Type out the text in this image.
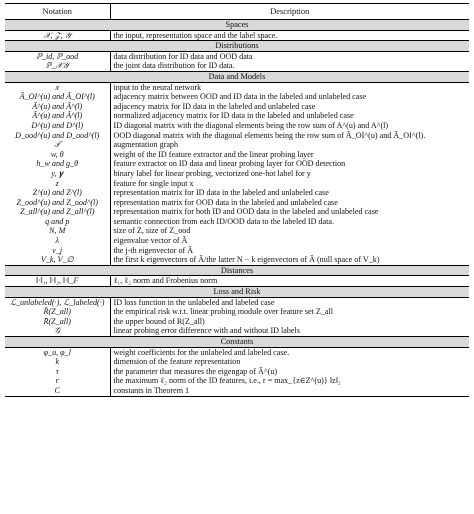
Notation	Description
Spaces	
𝒳, 𝒵, 𝒴	the input, representation space and the label space.
Distributions	
ℙ_id, ℙ_ood	data distribution for ID data and OOD data
ℙ_𝒳𝒴	the joint data distribution for ID data.
Data and Models	
x	input to the neural network
Ã_OI^(u) and Ã_OI^(l)	adjacency matrix between OOD and ID data in the labeled and unlabeled case
Ā^(u) and Ā^(l)	adjacency matrix for ID data in the labeled and unlabeled case
Ã^(u) and Ã^(l)	normalized adjacency matrix for ID data in the labeled and unlabeled case
D^(u) and D^(l)	ID diagonal matrix with the diagonal elements being the row sum of A^(u) and A^(l)
D_ood^(u) and D_ood^(l)	OOD diagonal matrix with the diagonal elements being the row sum of Ã_OI^(u) and Ã_OI^(l).
𝒯	augmentation graph
w, θ	weight of the ID feature extractor and the linear probing layer
h_w and g_θ	feature extractor on ID data and linear probing layer for OOD detection
y, 𝐲	binary label for linear probing, vectorized one-hot label for y
z	feature for single input x
Z^(u) and Z^(l)	representation matrix for ID data in the labeled and unlabeled case
Z_ood^(u) and Z_ood^(l)	representation matrix for OOD data in the labeled and unlabeled case
Z_all^(u) and Z_all^(l)	representation matrix for both ID and OOD data in the labeled and unlabeled case
q and p	semantic connection from each ID/OOD data to the labeled ID data.
N, M	size of Z, size of Z_ood
λ	eigenvalue vector of Ã
v_j	the j-th eigenvector of Ã
V_k, V_∅	the first k eigenvectors of Ã/the latter N − k eigenvectors of Ã (null space of V_k)
Distances	
‖·‖₁, ‖·‖₂, ‖·‖_F	ℓ₁, ℓ₂ norm and Frobenius norm
Loss and Risk	
ℒ_unlabeled(·), ℒ_labeled(·)	ID loss function in the unlabeled and labeled case
R̂(Z_all)	the empirical risk w.r.t. linear probing module over feature set Z_all
R̄(Z_all)	the upper bound of R(Z_all)
𝒢	linear probing error difference with and without ID labels
Constants	
φ_u, φ_l	weight coefficients for the unlabeled and labeled case.
k	dimension of the feature representation
τ	the parameter that measures the eigengap of Ã^(u)
r	the maximum ℓ₂ norm of the ID features, i.e., r = max_{z∈Z^(u)} ‖z‖₂
C	constants in Theorem 1
